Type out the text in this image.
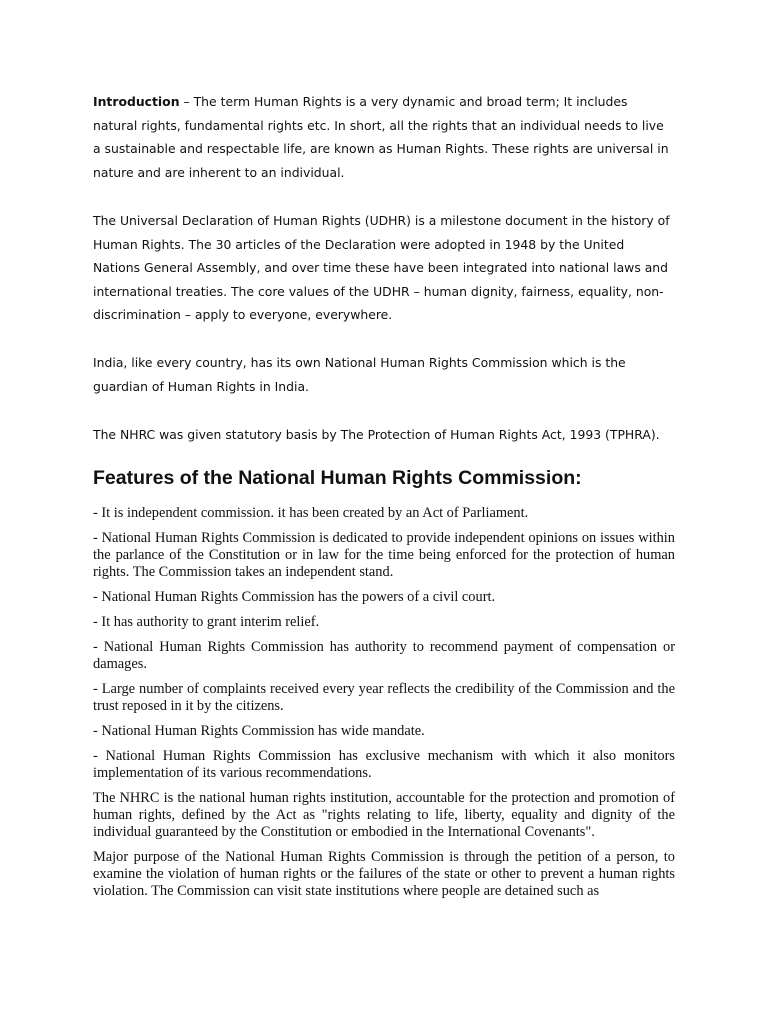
Introduction – The term Human Rights is a very dynamic and broad term; It includes natural rights, fundamental rights etc. In short, all the rights that an individual needs to live a sustainable and respectable life, are known as Human Rights. These rights are universal in nature and are inherent to an individual.

The Universal Declaration of Human Rights (UDHR) is a milestone document in the history of Human Rights. The 30 articles of the Declaration were adopted in 1948 by the United Nations General Assembly, and over time these have been integrated into national laws and international treaties. The core values of the UDHR – human dignity, fairness, equality, non-discrimination – apply to everyone, everywhere.

India, like every country, has its own National Human Rights Commission which is the guardian of Human Rights in India.

The NHRC was given statutory basis by The Protection of Human Rights Act, 1993 (TPHRA).

Features of the National Human Rights Commission:

- It is independent commission. it has been created by an Act of Parliament.

- National Human Rights Commission is dedicated to provide independent opinions on issues within the parlance of the Constitution or in law for the time being enforced for the protection of human rights. The Commission takes an independent stand.

- National Human Rights Commission has the powers of a civil court.

- It has authority to grant interim relief.

- National Human Rights Commission has authority to recommend payment of compensation or damages.

- Large number of complaints received every year reflects the credibility of the Commission and the trust reposed in it by the citizens.

- National Human Rights Commission has wide mandate.

- National Human Rights Commission has exclusive mechanism with which it also monitors implementation of its various recommendations.

The NHRC is the national human rights institution, accountable for the protection and promotion of human rights, defined by the Act as "rights relating to life, liberty, equality and dignity of the individual guaranteed by the Constitution or embodied in the International Covenants".

Major purpose of the National Human Rights Commission is through the petition of a person, to examine the violation of human rights or the failures of the state or other to prevent a human rights violation. The Commission can visit state institutions where people are detained such as
